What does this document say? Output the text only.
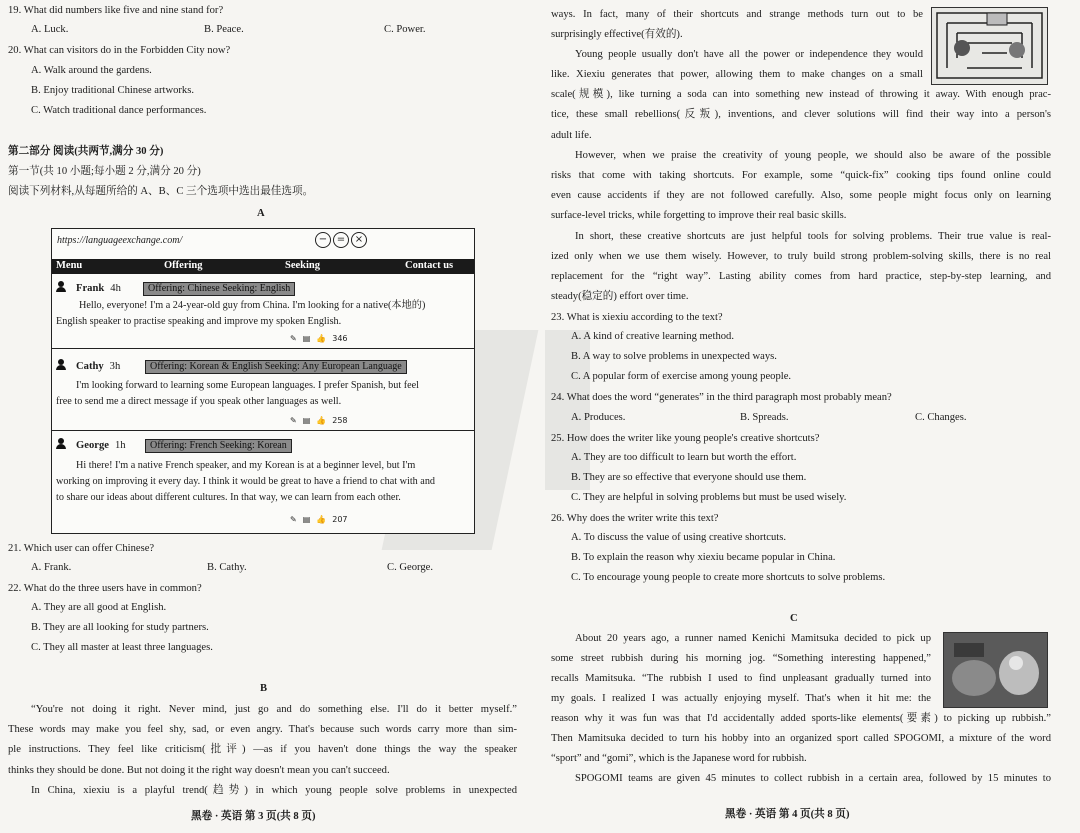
19. What did numbers like five and nine stand for?
A. Luck.	B. Peace.	C. Power.
20. What can visitors do in the Forbidden City now?
A. Walk around the gardens.
B. Enjoy traditional Chinese artworks.
C. Watch traditional dance performances.
第二部分 阅读(共两节,满分 30 分)
第一节(共 10 小题;每小题 2 分,满分 20 分)
阅读下列材料,从每题所给的 A、B、C 三个选项中选出最佳选项。
A
https://languageexchange.com/	− = ×
Menu	Offering	Seeking	Contact us
Frank 4h	Offering: Chinese Seeking: English
Hello, everyone! I'm a 24-year-old guy from China. I'm looking for a native(本地的)
English speaker to practise speaking and improve my spoken English.
✎ ▤ 👍 346
Cathy 3h	Offering: Korean & English Seeking: Any European Language
I'm looking forward to learning some European languages. I prefer Spanish, but feel
free to send me a direct message if you speak other languages as well.
✎ ▤ 👍 258
George 1h	Offering: French Seeking: Korean
Hi there! I'm a native French speaker, and my Korean is at a beginner level, but I'm
working on improving it every day. I think it would be great to have a friend to chat with and
to share our ideas about different cultures. In that way, we can learn from each other.
✎ ▤ 👍 207
21. Which user can offer Chinese?
A. Frank.	B. Cathy.	C. George.
22. What do the three users have in common?
A. They are all good at English.
B. They are all looking for study partners.
C. They all master at least three languages.
B
“You're not doing it right. Never mind, just go and do something else. I'll do it better myself.”
These words may make you feel shy, sad, or even angry. That's because such words carry more than sim-
ple instructions. They feel like criticism(批评) —as if you haven't done things the way the speaker
thinks they should be done. But not doing it the right way doesn't mean you can't succeed.
In China, xiexiu is a playful trend(趋势) in which young people solve problems in unexpected
黑卷 · 英语 第 3 页(共 8 页)
ways. In fact, many of their shortcuts and strange methods turn out to be
surprisingly effective(有效的).
Young people usually don't have all the power or independence they would
like. Xiexiu generates that power, allowing them to make changes on a small
scale(规模), like turning a soda can into something new instead of throwing it away. With enough prac-
tice, these small rebellions(反叛), inventions, and clever solutions will find their way into a person's
adult life.
However, when we praise the creativity of young people, we should also be aware of the possible
risks that come with taking shortcuts. For example, some “quick-fix” cooking tips found online could
even cause accidents if they are not followed carefully. Also, some people might focus only on learning
surface-level tricks, while forgetting to improve their real basic skills.
In short, these creative shortcuts are just helpful tools for solving problems. Their true value is real-
ized only when we use them wisely. However, to truly build strong problem-solving skills, there is no real
replacement for the “right way”. Lasting ability comes from hard practice, step-by-step learning, and
steady(稳定的) effort over time.
23. What is xiexiu according to the text?
A. A kind of creative learning method.
B. A way to solve problems in unexpected ways.
C. A popular form of exercise among young people.
24. What does the word “generates” in the third paragraph most probably mean?
A. Produces.	B. Spreads.	C. Changes.
25. How does the writer like young people's creative shortcuts?
A. They are too difficult to learn but worth the effort.
B. They are so effective that everyone should use them.
C. They are helpful in solving problems but must be used wisely.
26. Why does the writer write this text?
A. To discuss the value of using creative shortcuts.
B. To explain the reason why xiexiu became popular in China.
C. To encourage young people to create more shortcuts to solve problems.
C
About 20 years ago, a runner named Kenichi Mamitsuka decided to pick up
some street rubbish during his morning jog. “Something interesting happened,”
recalls Mamitsuka. “The rubbish I used to find unpleasant gradually turned into
my goals. I realized I was actually enjoying myself. That's when it hit me: the
reason why it was fun was that I'd accidentally added sports-like elements(要素) to picking up rubbish.”
Then Mamitsuka decided to turn his hobby into an organized sport called SPOGOMI, a mixture of the word
“sport” and “gomi”, which is the Japanese word for rubbish.
SPOGOMI teams are given 45 minutes to collect rubbish in a certain area, followed by 15 minutes to
黑卷 · 英语 第 4 页(共 8 页)
